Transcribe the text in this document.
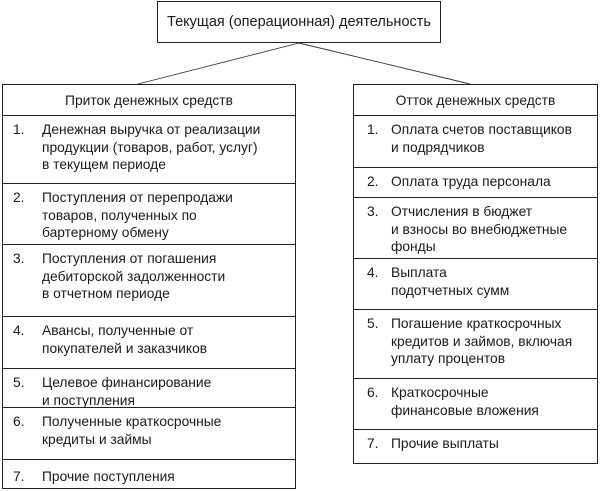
Текущая (операционная) деятельность
Приток денежных средств
1. Денежная выручка от реализации
продукции (товаров, работ, услуг)
в текущем периоде
2. Поступления от перепродажи
товаров, полученных по
бартерному обмену
3. Поступления от погашения
дебиторской задолженности
в отчетном периоде
4. Авансы, полученные от
покупателей и заказчиков
5. Целевое финансирование
и поступления
6. Полученные краткосрочные
кредиты и займы
7. Прочие поступления
Отток денежных средств
1. Оплата счетов поставщиков
и подрядчиков
2. Оплата труда персонала
3. Отчисления в бюджет
и взносы во внебюджетные
фонды
4. Выплата
подотчетных сумм
5. Погашение краткосрочных
кредитов и займов, включая
уплату процентов
6. Краткосрочные
финансовые вложения
7. Прочие выплаты
